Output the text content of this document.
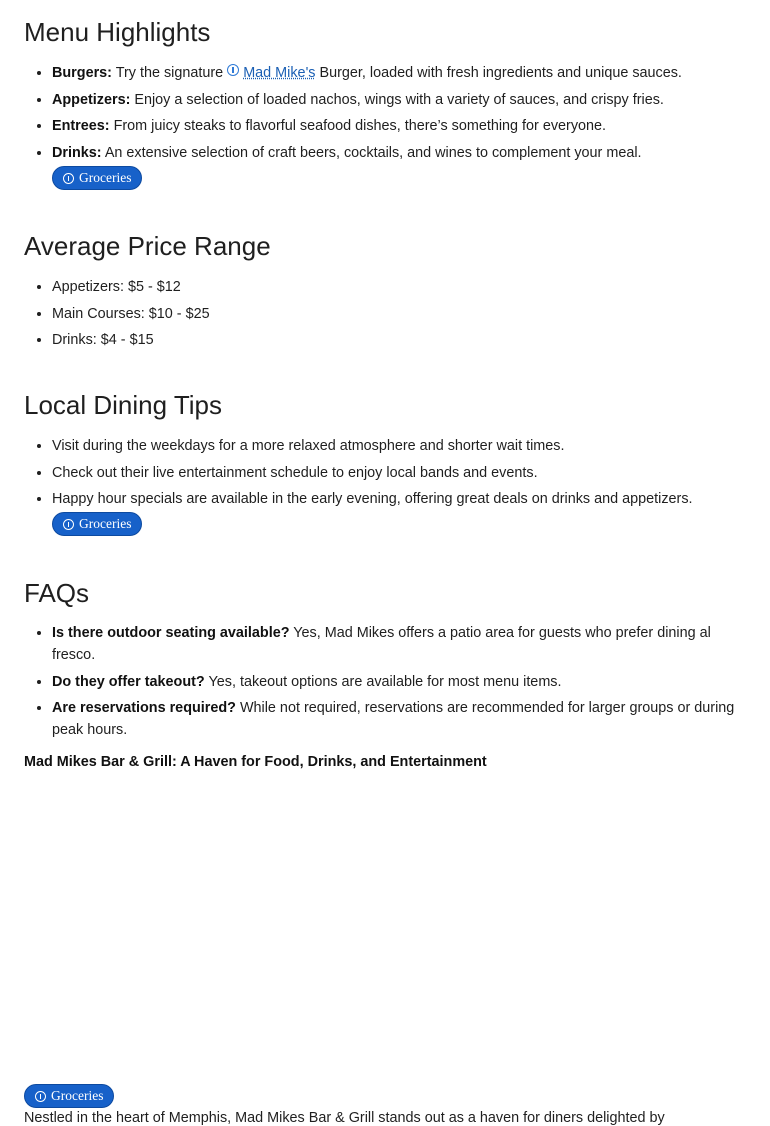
Menu Highlights
• Burgers: Try the signature Mad Mike's Burger, loaded with fresh ingredients and unique sauces.
• Appetizers: Enjoy a selection of loaded nachos, wings with a variety of sauces, and crispy fries.
• Entrees: From juicy steaks to flavorful seafood dishes, there’s something for everyone.
• Drinks: An extensive selection of craft beers, cocktails, and wines to complement your meal.
Groceries
Average Price Range
• Appetizers: $5 - $12
• Main Courses: $10 - $25
• Drinks: $4 - $15
Local Dining Tips
• Visit during the weekdays for a more relaxed atmosphere and shorter wait times.
• Check out their live entertainment schedule to enjoy local bands and events.
• Happy hour specials are available in the early evening, offering great deals on drinks and appetizers.
Groceries
FAQs
• Is there outdoor seating available? Yes, Mad Mikes offers a patio area for guests who prefer dining al fresco.
• Do they offer takeout? Yes, takeout options are available for most menu items.
• Are reservations required? While not required, reservations are recommended for larger groups or during peak hours.

Mad Mikes Bar & Grill: A Haven for Food, Drinks, and Entertainment

Groceries
Nestled in the heart of Memphis, Mad Mikes Bar & Grill stands out as a haven for diners delighted by
